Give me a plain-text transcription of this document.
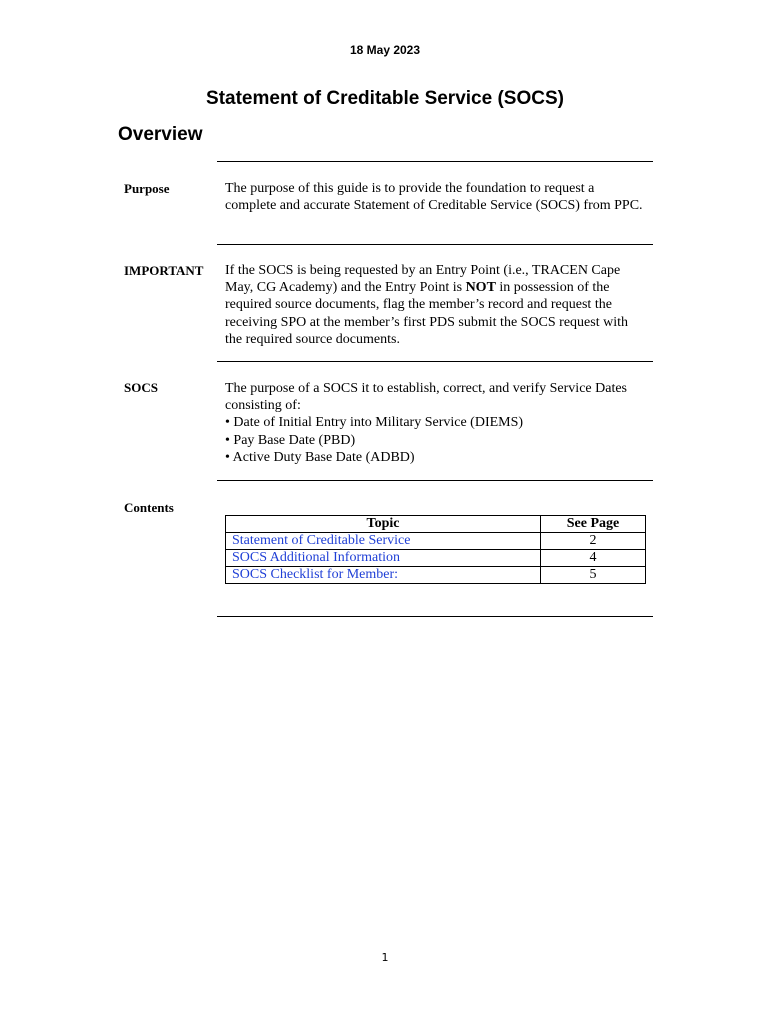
18 May 2023
Statement of Creditable Service (SOCS)
Overview
Purpose	The purpose of this guide is to provide the foundation to request a complete and accurate Statement of Creditable Service (SOCS) from PPC.

IMPORTANT If the SOCS is being requested by an Entry Point (i.e., TRACEN Cape May, CG Academy) and the Entry Point is NOT in possession of the required source documents, flag the member’s record and request the receiving SPO at the member’s first PDS submit the SOCS request with the required source documents.

SOCS	The purpose of a SOCS it to establish, correct, and verify Service Dates consisting of:

• Date of Initial Entry into Military Service (DIEMS)
• Pay Base Date (PBD)
• Active Duty Base Date (ADBD)
Contents
Topic	See Page
Statement of Creditable Service	2
SOCS Additional Information	4
SOCS Checklist for Member:	5
1
